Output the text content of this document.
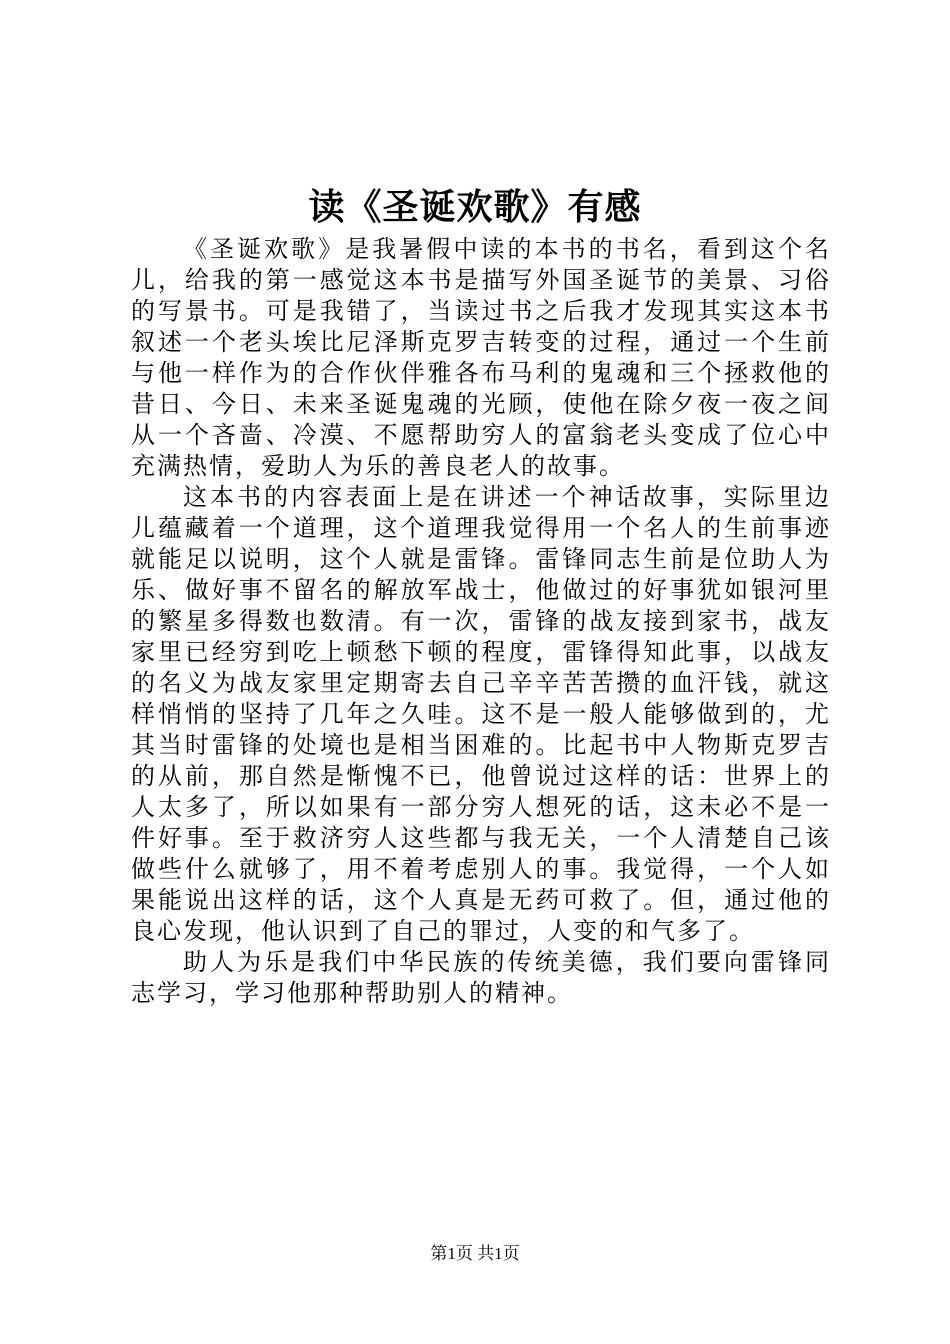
读《圣诞欢歌》有感

《圣诞欢歌》是我暑假中读的本书的书名，看到这个名儿，给我的第一感觉这本书是描写外国圣诞节的美景、习俗的写景书。可是我错了，当读过书之后我才发现其实这本书叙述一个老头埃比尼泽斯克罗吉转变的过程，通过一个生前与他一样作为的合作伙伴雅各布马利的鬼魂和三个拯救他的昔日、今日、未来圣诞鬼魂的光顾，使他在除夕夜一夜之间从一个吝啬、冷漠、不愿帮助穷人的富翁老头变成了位心中充满热情，爱助人为乐的善良老人的故事。

这本书的内容表面上是在讲述一个神话故事，实际里边儿蕴藏着一个道理，这个道理我觉得用一个名人的生前事迹就能足以说明，这个人就是雷锋。雷锋同志生前是位助人为乐、做好事不留名的解放军战士，他做过的好事犹如银河里的繁星多得数也数清。有一次，雷锋的战友接到家书，战友家里已经穷到吃上顿愁下顿的程度，雷锋得知此事，以战友的名义为战友家里定期寄去自己辛辛苦苦攒的血汗钱，就这样悄悄的坚持了几年之久哇。这不是一般人能够做到的，尤其当时雷锋的处境也是相当困难的。比起书中人物斯克罗吉的从前，那自然是惭愧不已，他曾说过这样的话：世界上的人太多了，所以如果有一部分穷人想死的话，这未必不是一件好事。至于救济穷人这些都与我无关，一个人清楚自己该做些什么就够了，用不着考虑别人的事。我觉得，一个人如果能说出这样的话，这个人真是无药可救了。但，通过他的良心发现，他认识到了自己的罪过，人变的和气多了。

助人为乐是我们中华民族的传统美德，我们要向雷锋同志学习，学习他那种帮助别人的精神。

第1页 共1页
